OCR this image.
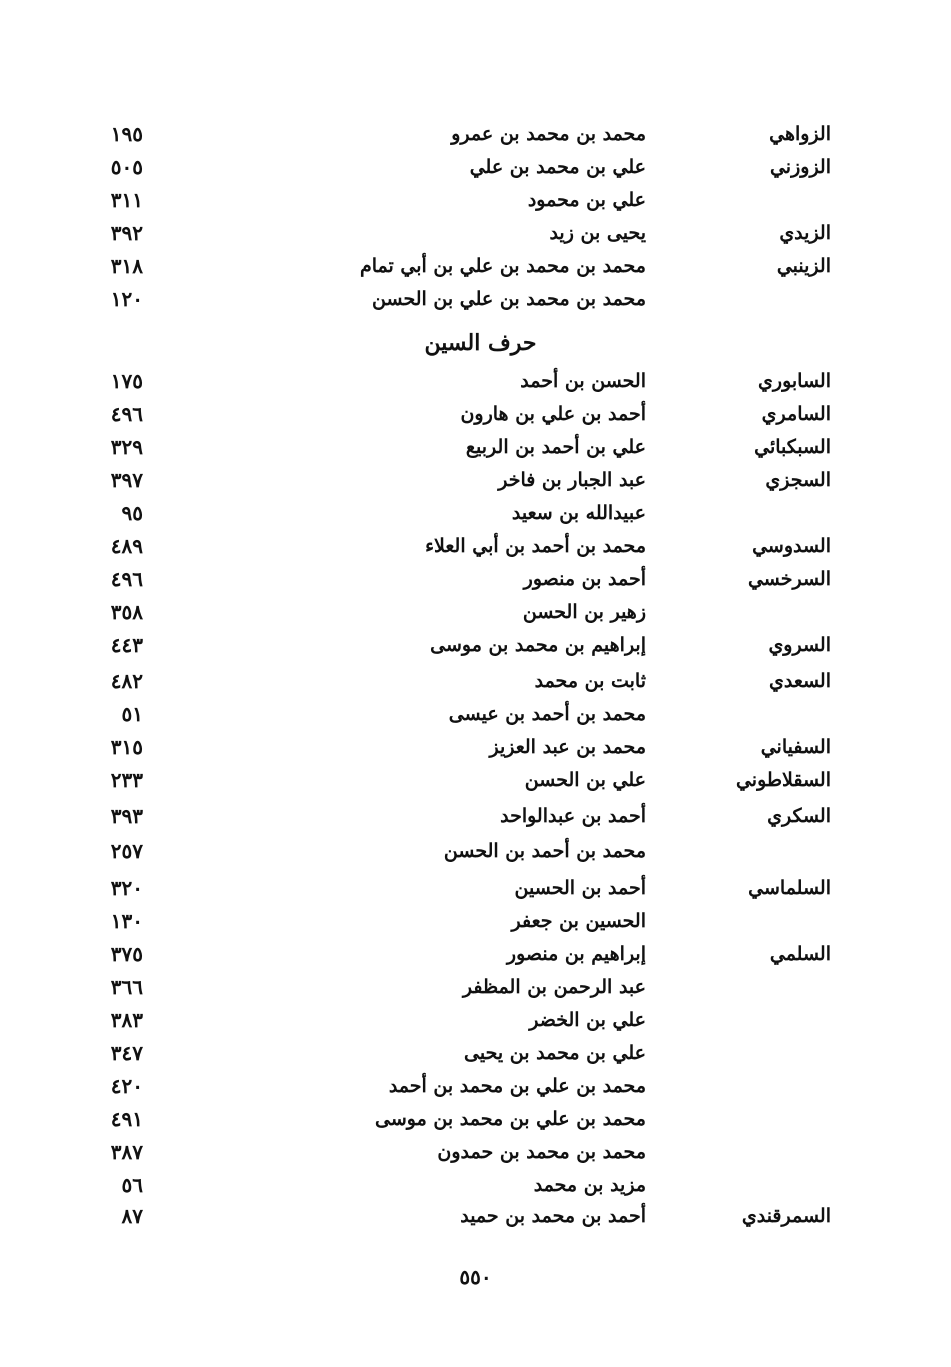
الزواهي
محمد بن محمد بن عمرو
١٩٥
الزوزني
علي بن محمد بن علي
٥٠٥
علي بن محمود
٣١١
الزيدي
يحيى بن زيد
٣٩٢
الزينبي
محمد بن محمد بن علي بن أبي تمام
٣١٨
محمد بن محمد بن علي بن الحسن
١٢٠
حرف السين
السابوري
الحسن بن أحمد
١٧٥
السامري
أحمد بن علي بن هارون
٤٩٦
السبكبائي
علي بن أحمد بن الربيع
٣٢٩
السجزي
عبد الجبار بن فاخر
٣٩٧
عبيدالله بن سعيد
٩٥
السدوسي
محمد بن أحمد بن أبي العلاء
٤٨٩
السرخسي
أحمد بن منصور
٤٩٦
زهير بن الحسن
٣٥٨
السروي
إبراهيم بن محمد بن موسى
٤٤٣
السعدي
ثابت بن محمد
٤٨٢
محمد بن أحمد بن عيسى
٥١
السفياني
محمد بن عبد العزيز
٣١٥
السقلاطوني
علي بن الحسن
٢٣٣
السكري
أحمد بن عبدالواحد
٣٩٣
محمد بن أحمد بن الحسن
٢٥٧
السلماسي
أحمد بن الحسين
٣٢٠
الحسين بن جعفر
١٣٠
السلمي
إبراهيم بن منصور
٣٧٥
عبد الرحمن بن المظفر
٣٦٦
علي بن الخضر
٣٨٣
علي بن محمد بن يحيى
٣٤٧
محمد بن علي بن محمد بن أحمد
٤٢٠
محمد بن علي بن محمد بن موسى
٤٩١
محمد بن محمد بن حمدون
٣٨٧
مزيد بن محمد
٥٦
السمرقندي
أحمد بن محمد بن حميد
٨٧
٥٥٠
